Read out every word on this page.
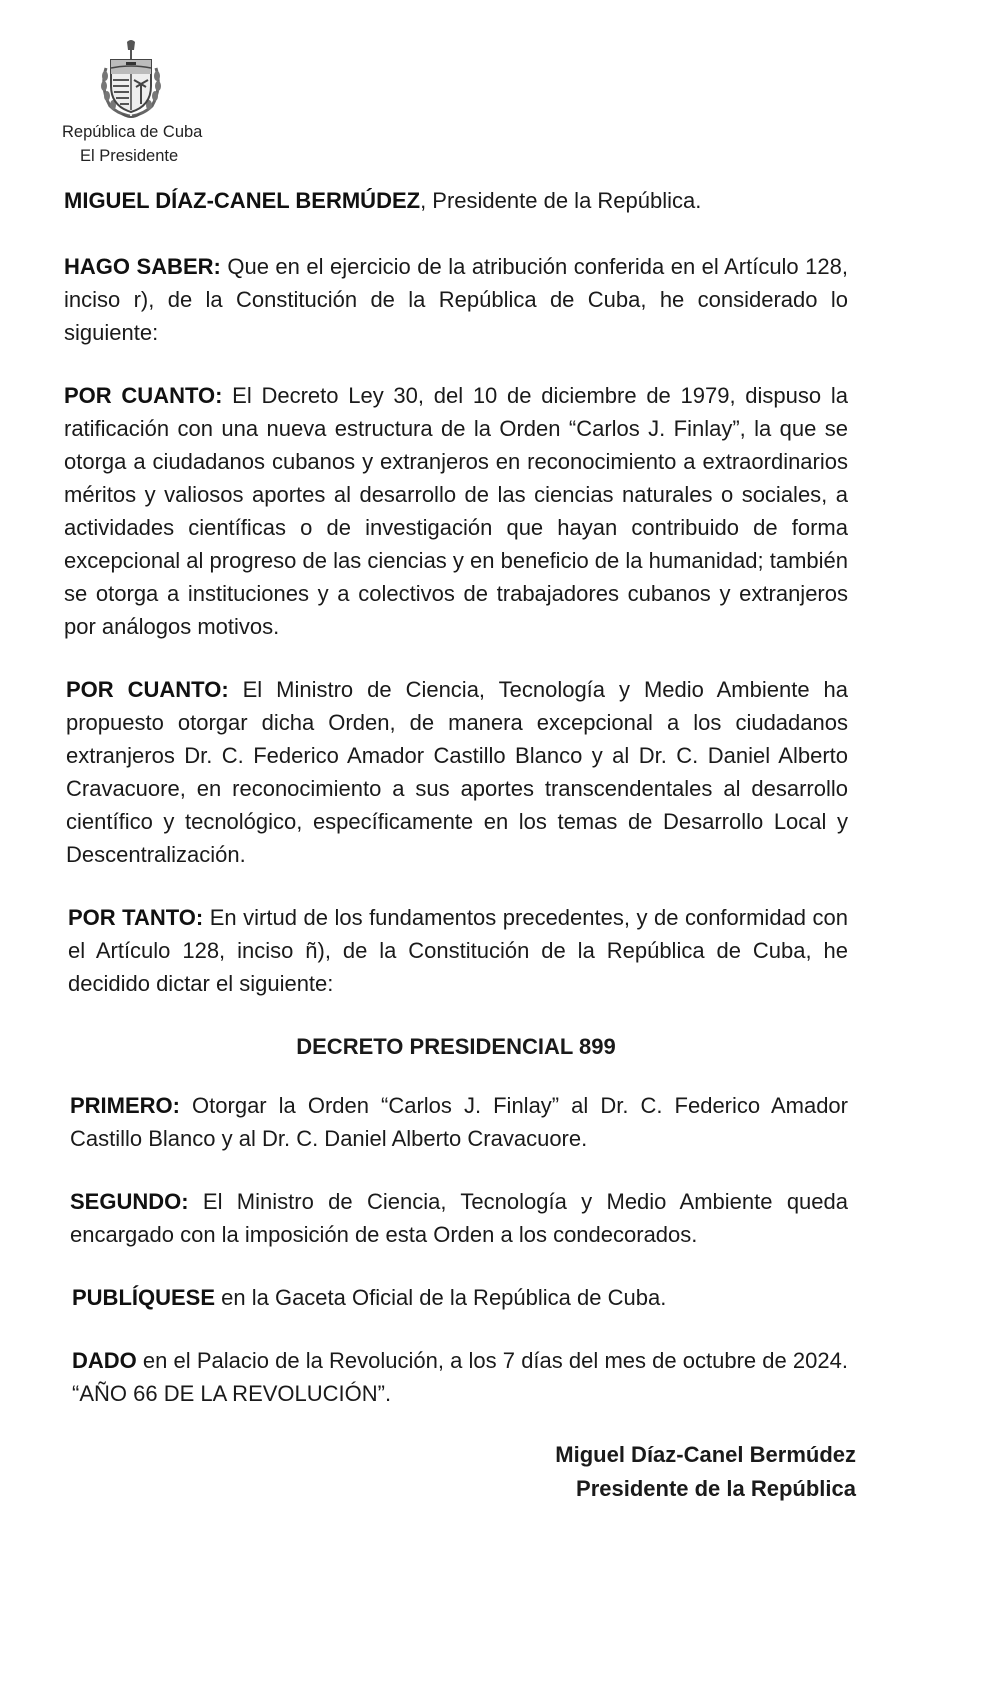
República de Cuba
El Presidente

MIGUEL DÍAZ-CANEL BERMÚDEZ, Presidente de la República.

HAGO SABER: Que en el ejercicio de la atribución conferida en el Artículo 128, inciso r), de la Constitución de la República de Cuba, he considerado lo siguiente:

POR CUANTO: El Decreto Ley 30, del 10 de diciembre de 1979, dispuso la ratificación con una nueva estructura de la Orden “Carlos J. Finlay”, la que se otorga a ciudadanos cubanos y extranjeros en reconocimiento a extraordinarios méritos y valiosos aportes al desarrollo de las ciencias naturales o sociales, a actividades científicas o de investigación que hayan contribuido de forma excepcional al progreso de las ciencias y en beneficio de la humanidad; también se otorga a instituciones y a colectivos de trabajadores cubanos y extranjeros por análogos motivos.

POR CUANTO: El Ministro de Ciencia, Tecnología y Medio Ambiente ha propuesto otorgar dicha Orden, de manera excepcional a los ciudadanos extranjeros Dr. C. Federico Amador Castillo Blanco y al Dr. C. Daniel Alberto Cravacuore, en reconocimiento a sus aportes transcendentales al desarrollo científico y tecnológico, específicamente en los temas de Desarrollo Local y Descentralización.

POR TANTO: En virtud de los fundamentos precedentes, y de conformidad con el Artículo 128, inciso ñ), de la Constitución de la República de Cuba, he decidido dictar el siguiente:

DECRETO PRESIDENCIAL 899

PRIMERO: Otorgar la Orden “Carlos J. Finlay” al Dr. C. Federico Amador Castillo Blanco y al Dr. C. Daniel Alberto Cravacuore.

SEGUNDO: El Ministro de Ciencia, Tecnología y Medio Ambiente queda encargado con la imposición de esta Orden a los condecorados.

PUBLÍQUESE en la Gaceta Oficial de la República de Cuba.

DADO en el Palacio de la Revolución, a los 7 días del mes de octubre de 2024. “AÑO 66 DE LA REVOLUCIÓN”.

Miguel Díaz-Canel Bermúdez
Presidente de la República
